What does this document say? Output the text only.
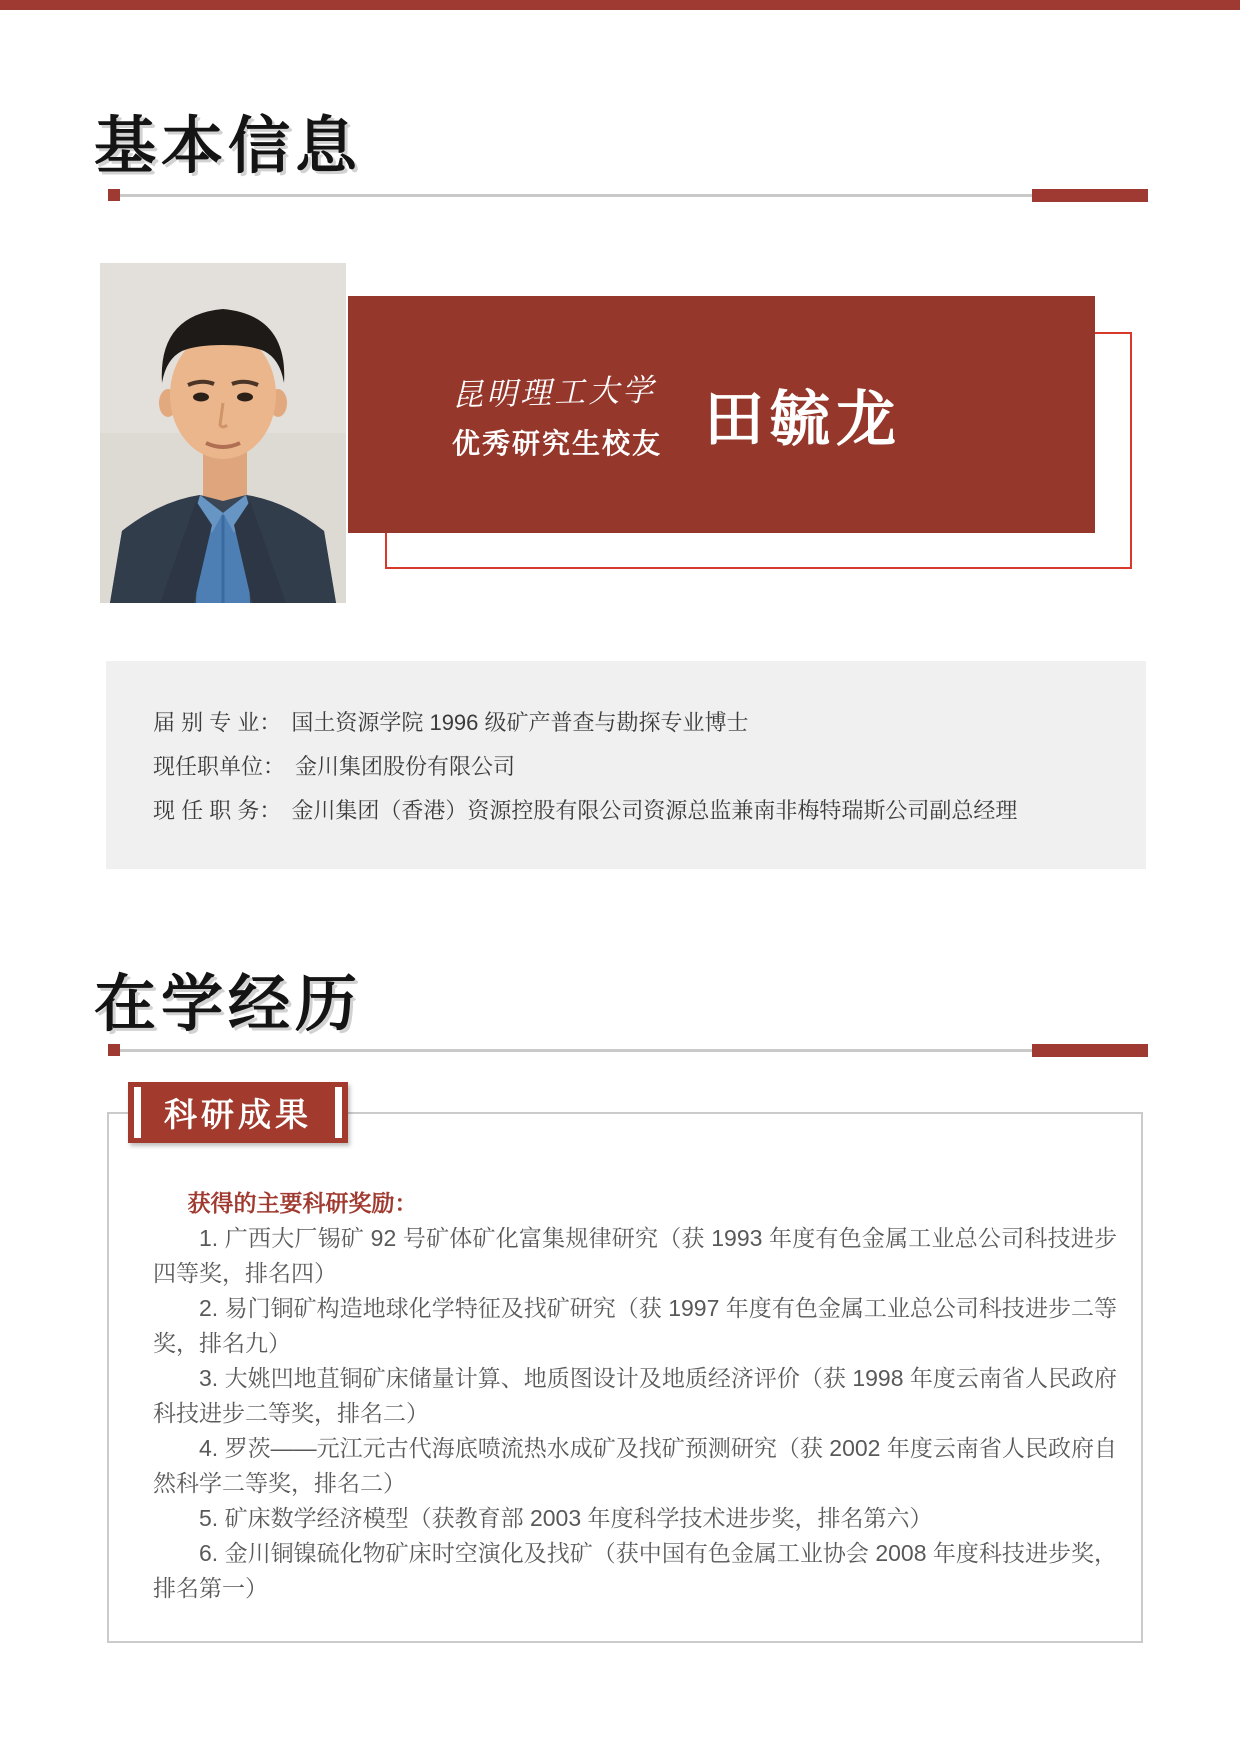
基本信息
昆明理工大学
优秀研究生校友 田毓龙
届 别 专 业： 国土资源学院 1996 级矿产普查与勘探专业博士
现任职单位： 金川集团股份有限公司
现 任 职 务： 金川集团（香港）资源控股有限公司资源总监兼南非梅特瑞斯公司副总经理
在学经历
科研成果

获得的主要科研奖励：

1. 广西大厂锡矿 92 号矿体矿化富集规律研究（获 1993 年度有色金属工业总公司科技进步四等奖，排名四）

2. 易门铜矿构造地球化学特征及找矿研究（获 1997 年度有色金属工业总公司科技进步二等奖，排名九）

3. 大姚凹地苴铜矿床储量计算、地质图设计及地质经济评价（获 1998 年度云南省人民政府科技进步二等奖，排名二）

4. 罗茨——元江元古代海底喷流热水成矿及找矿预测研究（获 2002 年度云南省人民政府自然科学二等奖，排名二）

5. 矿床数学经济模型（获教育部 2003 年度科学技术进步奖，排名第六）

6. 金川铜镍硫化物矿床时空演化及找矿（获中国有色金属工业协会 2008 年度科技进步奖，排名第一）
